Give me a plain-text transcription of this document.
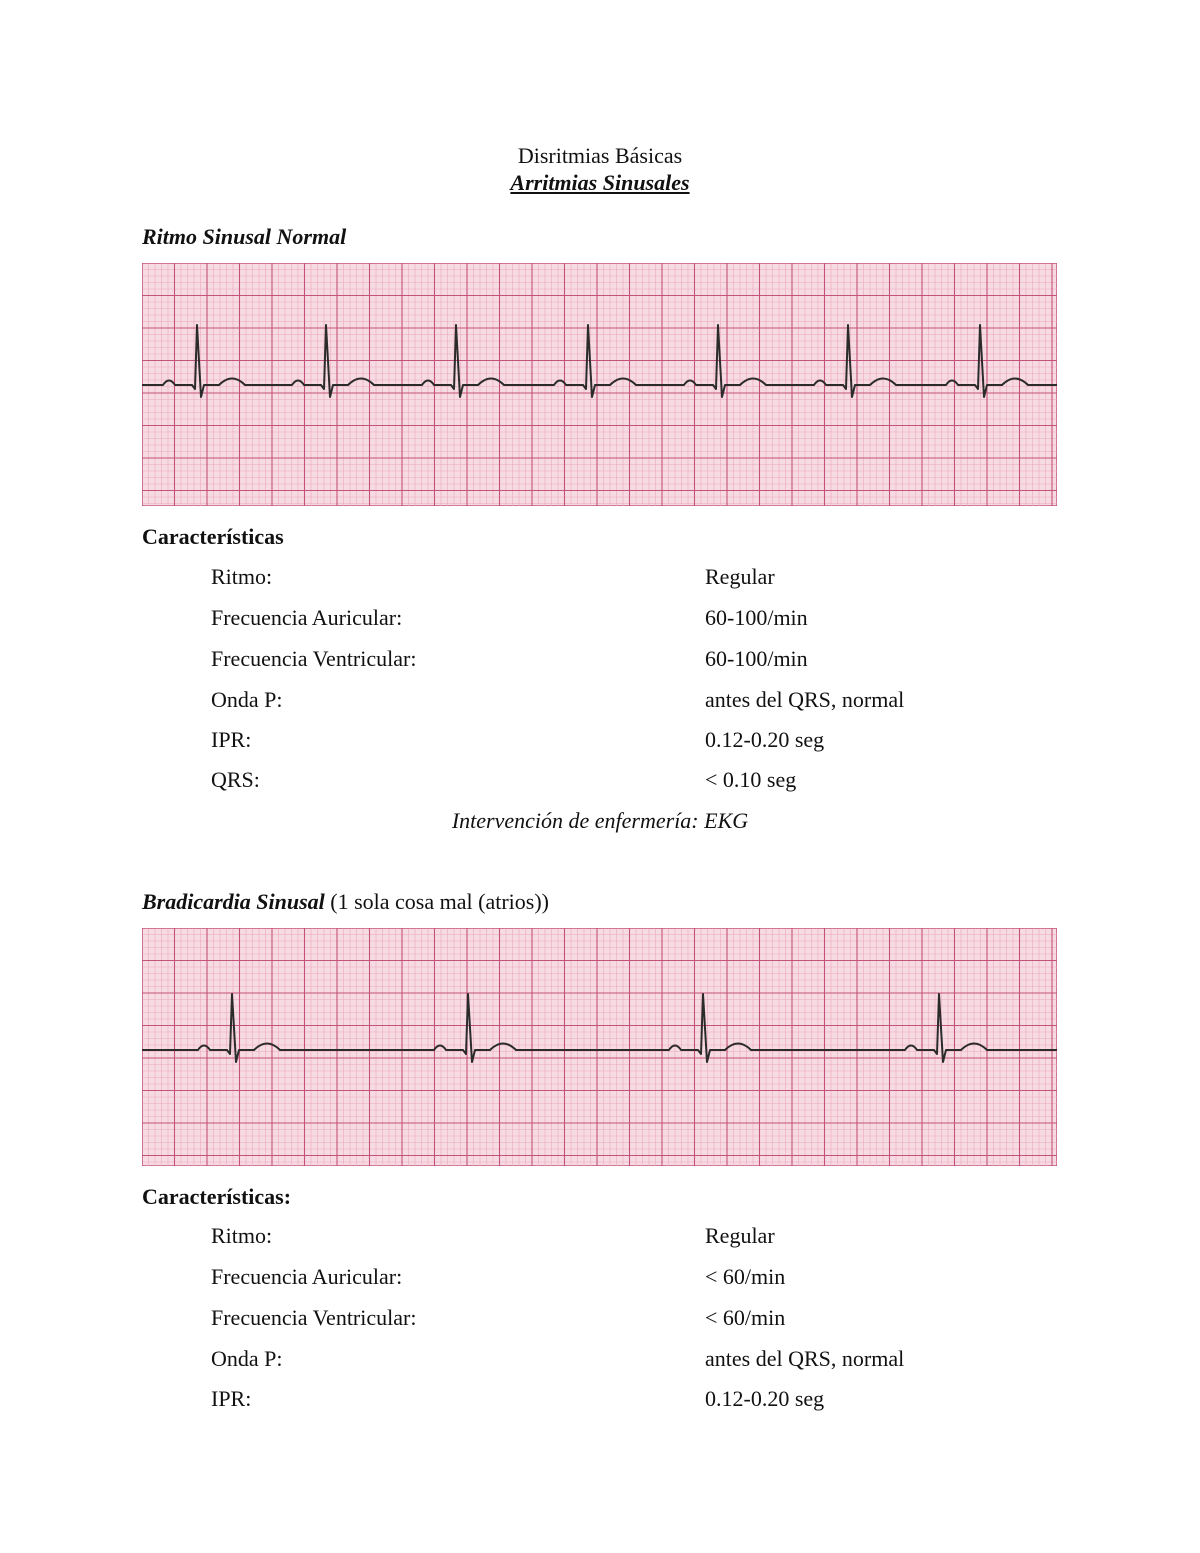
Disritmias Básicas
Arritmias Sinusales
Ritmo Sinusal Normal
Características
Ritmo:	Regular
Frecuencia Auricular:	60-100/min
Frecuencia Ventricular:	60-100/min
Onda P:	antes del QRS, normal
IPR:	0.12-0.20 seg
QRS:	< 0.10 seg
Intervención de enfermería: EKG
Bradicardia Sinusal (1 sola cosa mal (atrios))
Características:
Ritmo:	Regular
Frecuencia Auricular:	< 60/min
Frecuencia Ventricular:	< 60/min
Onda P:	antes del QRS, normal
IPR:	0.12-0.20 seg
